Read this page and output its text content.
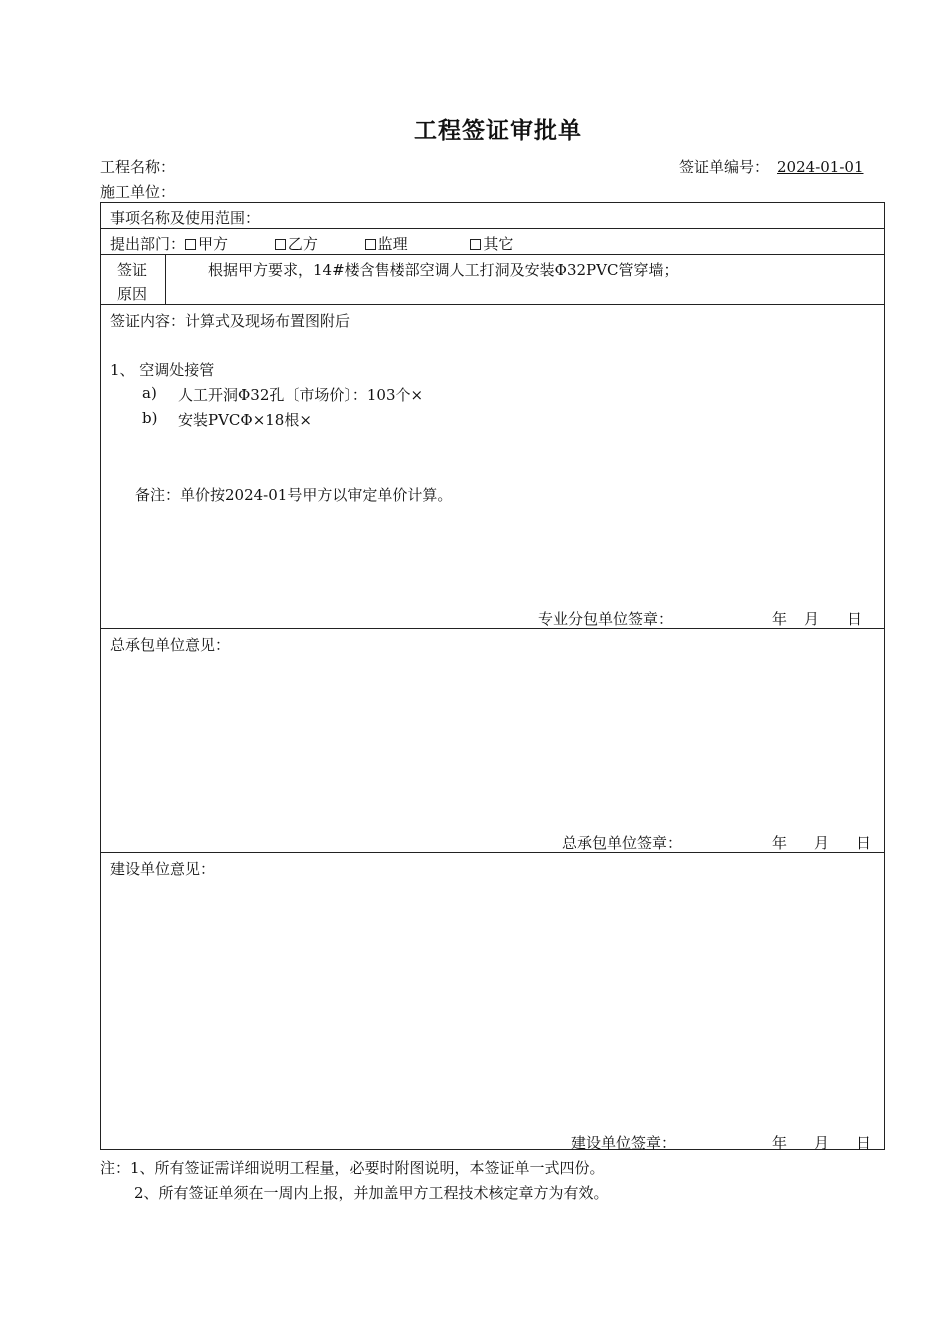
工程签证审批单
工程名称：	签证单编号： 2024-01-01
施工单位：
事项名称及使用范围：
提出部门： 甲方	乙方	监理	其它
签证
原因
根据甲方要求，14#楼含售楼部空调人工打洞及安装Φ32PVC管穿墙；
签证内容：计算式及现场布置图附后
1、 空调处接管
a) 人工开洞Φ32孔〔市场价〕：103个×
b) 安装PVCΦ×18根×
备注：单价按2024-01号甲方以审定单价计算。
专业分包单位签章：	年 月 日
总承包单位意见：
总承包单位签章：	年 月 日
建设单位意见：
建设单位签章：	年 月 日
注：1、所有签证需详细说明工程量，必要时附图说明，本签证单一式四份。
2、所有签证单须在一周内上报，并加盖甲方工程技术核定章方为有效。
